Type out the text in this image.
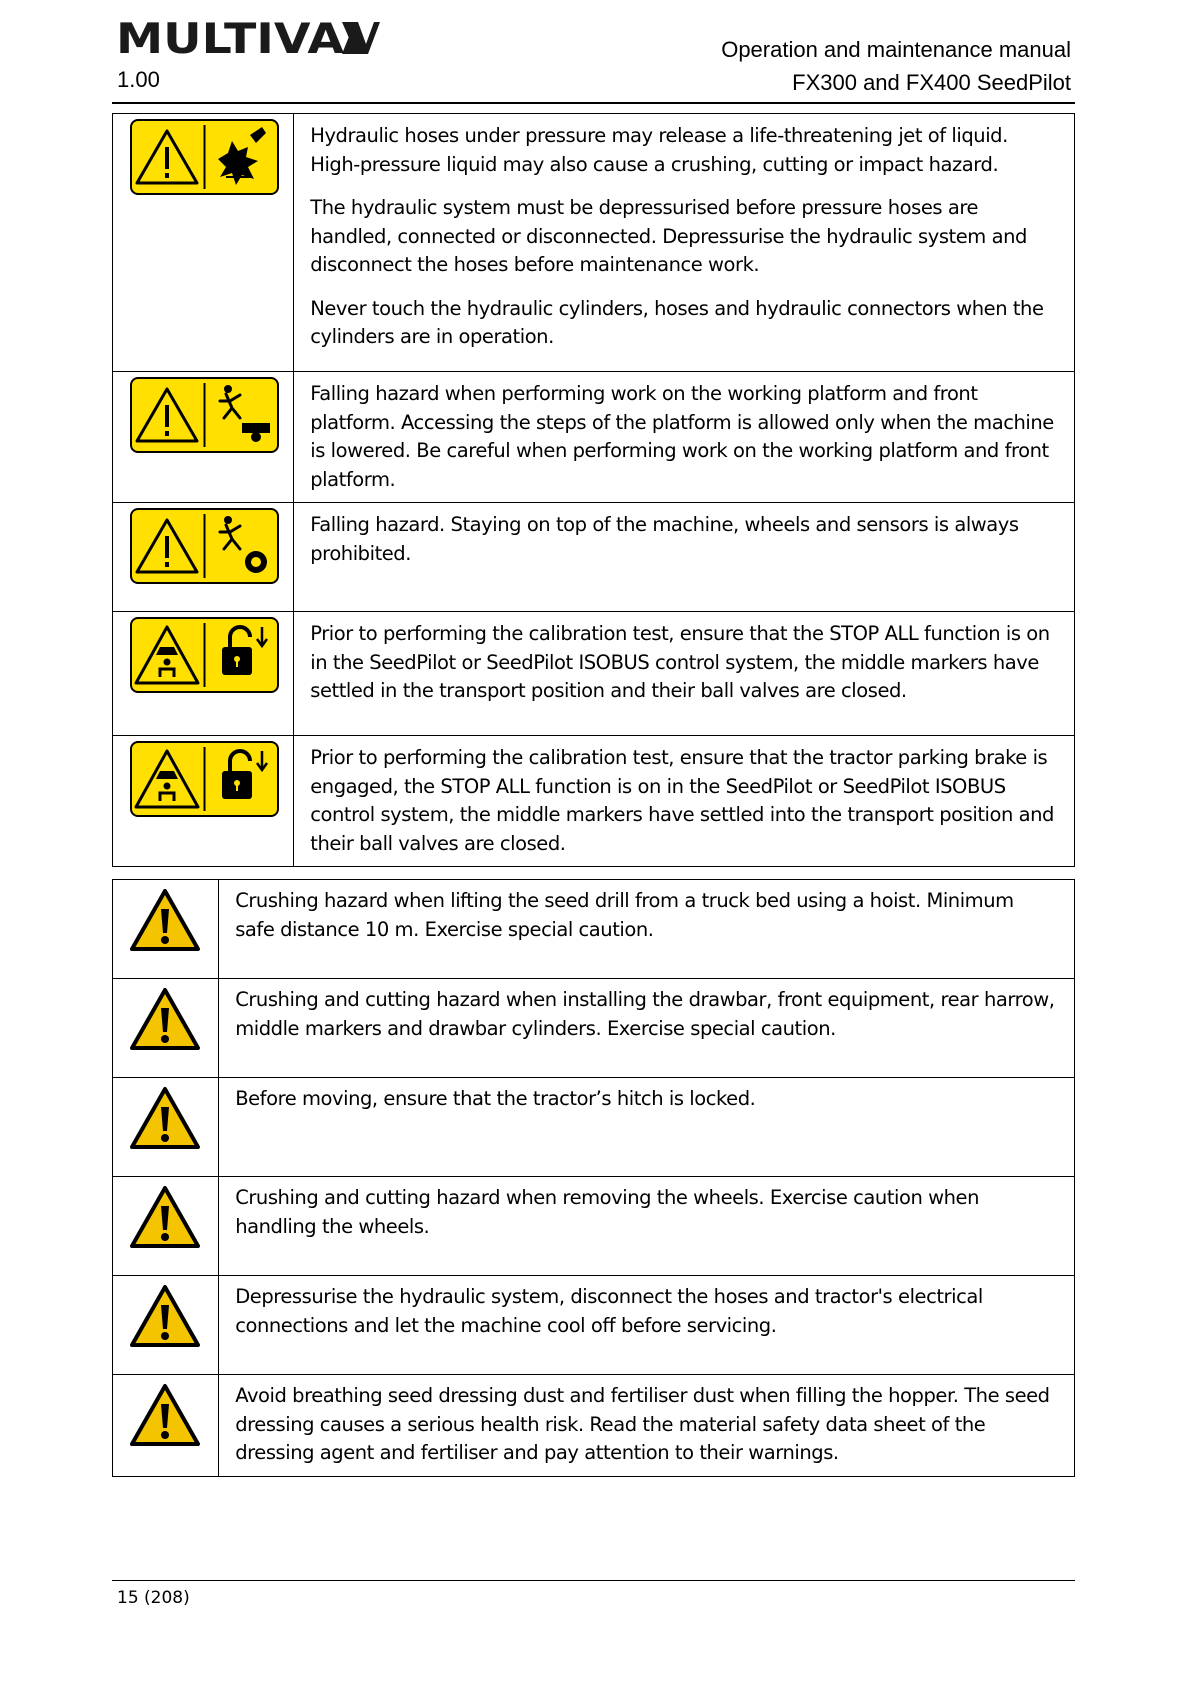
MULTIVA
1.00
Operation and maintenance manual
FX300 and FX400 SeedPilot

Hydraulic hoses under pressure may release a life-threatening jet of liquid. High-pressure liquid may also cause a crushing, cutting or impact hazard.

The hydraulic system must be depressurised before pressure hoses are handled, connected or disconnected. Depressurise the hydraulic system and disconnect the hoses before maintenance work.

Never touch the hydraulic cylinders, hoses and hydraulic connectors when the cylinders are in operation.

Falling hazard when performing work on the working platform and front platform. Accessing the steps of the platform is allowed only when the machine is lowered. Be careful when performing work on the working platform and front platform.

Falling hazard. Staying on top of the machine, wheels and sensors is always prohibited.

Prior to performing the calibration test, ensure that the STOP ALL function is on in the SeedPilot or SeedPilot ISOBUS control system, the middle markers have settled in the transport position and their ball valves are closed.

Prior to performing the calibration test, ensure that the tractor parking brake is engaged, the STOP ALL function is on in the SeedPilot or SeedPilot ISOBUS control system, the middle markers have settled into the transport position and their ball valves are closed.

	Crushing hazard when lifting the seed drill from a truck bed using a hoist. Minimum safe distance 10 m. Exercise special caution.
	Crushing and cutting hazard when installing the drawbar, front equipment, rear harrow, middle markers and drawbar cylinders. Exercise special caution.
	Before moving, ensure that the tractor’s hitch is locked.
	Crushing and cutting hazard when removing the wheels. Exercise caution when handling the wheels.
	Depressurise the hydraulic system, disconnect the hoses and tractor's electrical connections and let the machine cool off before servicing.
	Avoid breathing seed dressing dust and fertiliser dust when filling the hopper. The seed dressing causes a serious health risk. Read the material safety data sheet of the dressing agent and fertiliser and pay attention to their warnings.
15 (208)
